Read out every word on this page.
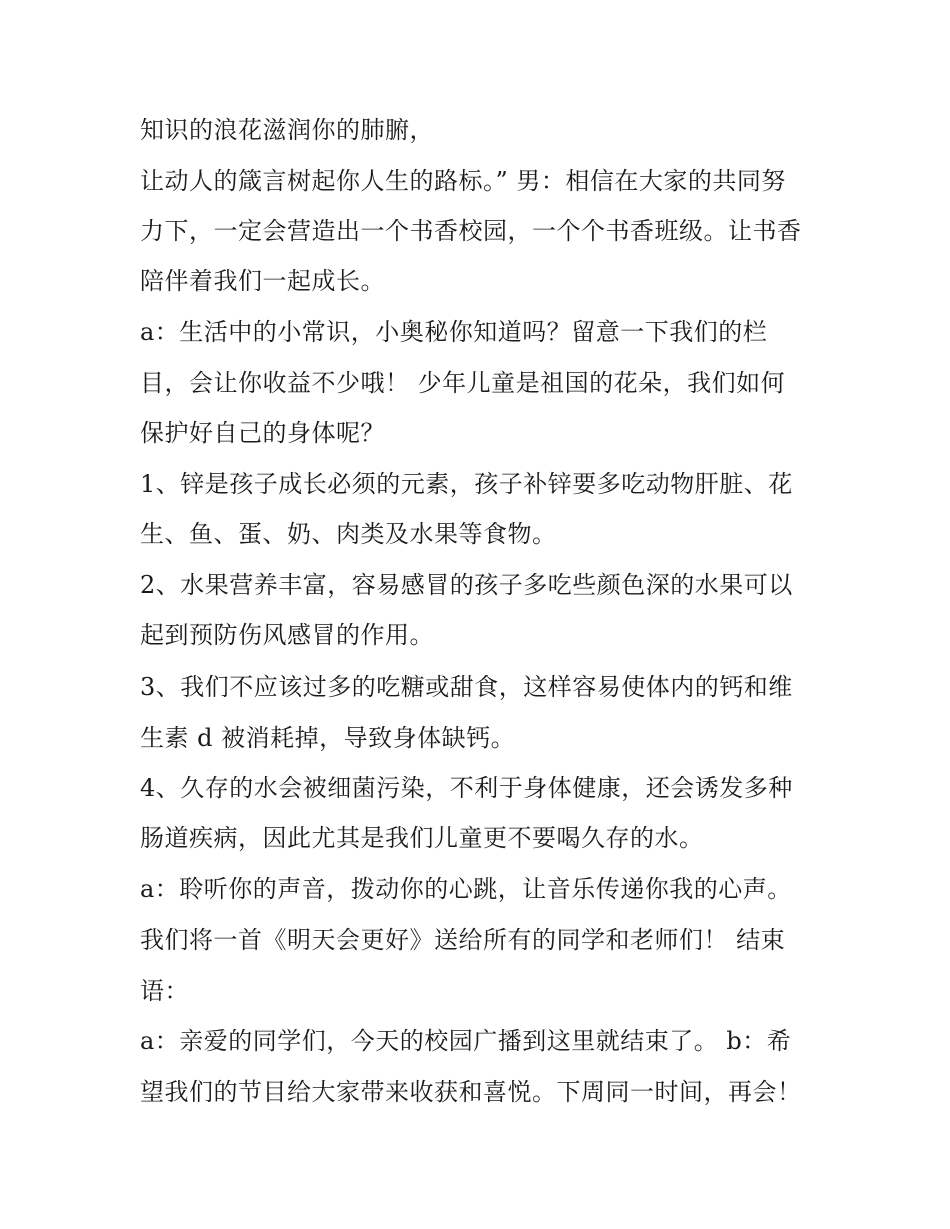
知识的浪花滋润你的肺腑，
让动人的箴言树起你人生的路标。” 男：相信在大家的共同努
力下，一定会营造出一个书香校园，一个个书香班级。让书香
陪伴着我们一起成长。
a：生活中的小常识，小奥秘你知道吗？留意一下我们的栏
目，会让你收益不少哦！ 少年儿童是祖国的花朵，我们如何
保护好自己的身体呢？
1、锌是孩子成长必须的元素，孩子补锌要多吃动物肝脏、花
生、鱼、蛋、奶、肉类及水果等食物。
2、水果营养丰富，容易感冒的孩子多吃些颜色深的水果可以
起到预防伤风感冒的作用。
3、我们不应该过多的吃糖或甜食，这样容易使体内的钙和维
生素 d 被消耗掉，导致身体缺钙。
4、久存的水会被细菌污染，不利于身体健康，还会诱发多种
肠道疾病，因此尤其是我们儿童更不要喝久存的水。
a：聆听你的声音，拨动你的心跳，让音乐传递你我的心声。
我们将一首《明天会更好》送给所有的同学和老师们！ 结束
语：
a：亲爱的同学们，今天的校园广播到这里就结束了。 b：希
望我们的节目给大家带来收获和喜悦。下周同一时间，再会！
